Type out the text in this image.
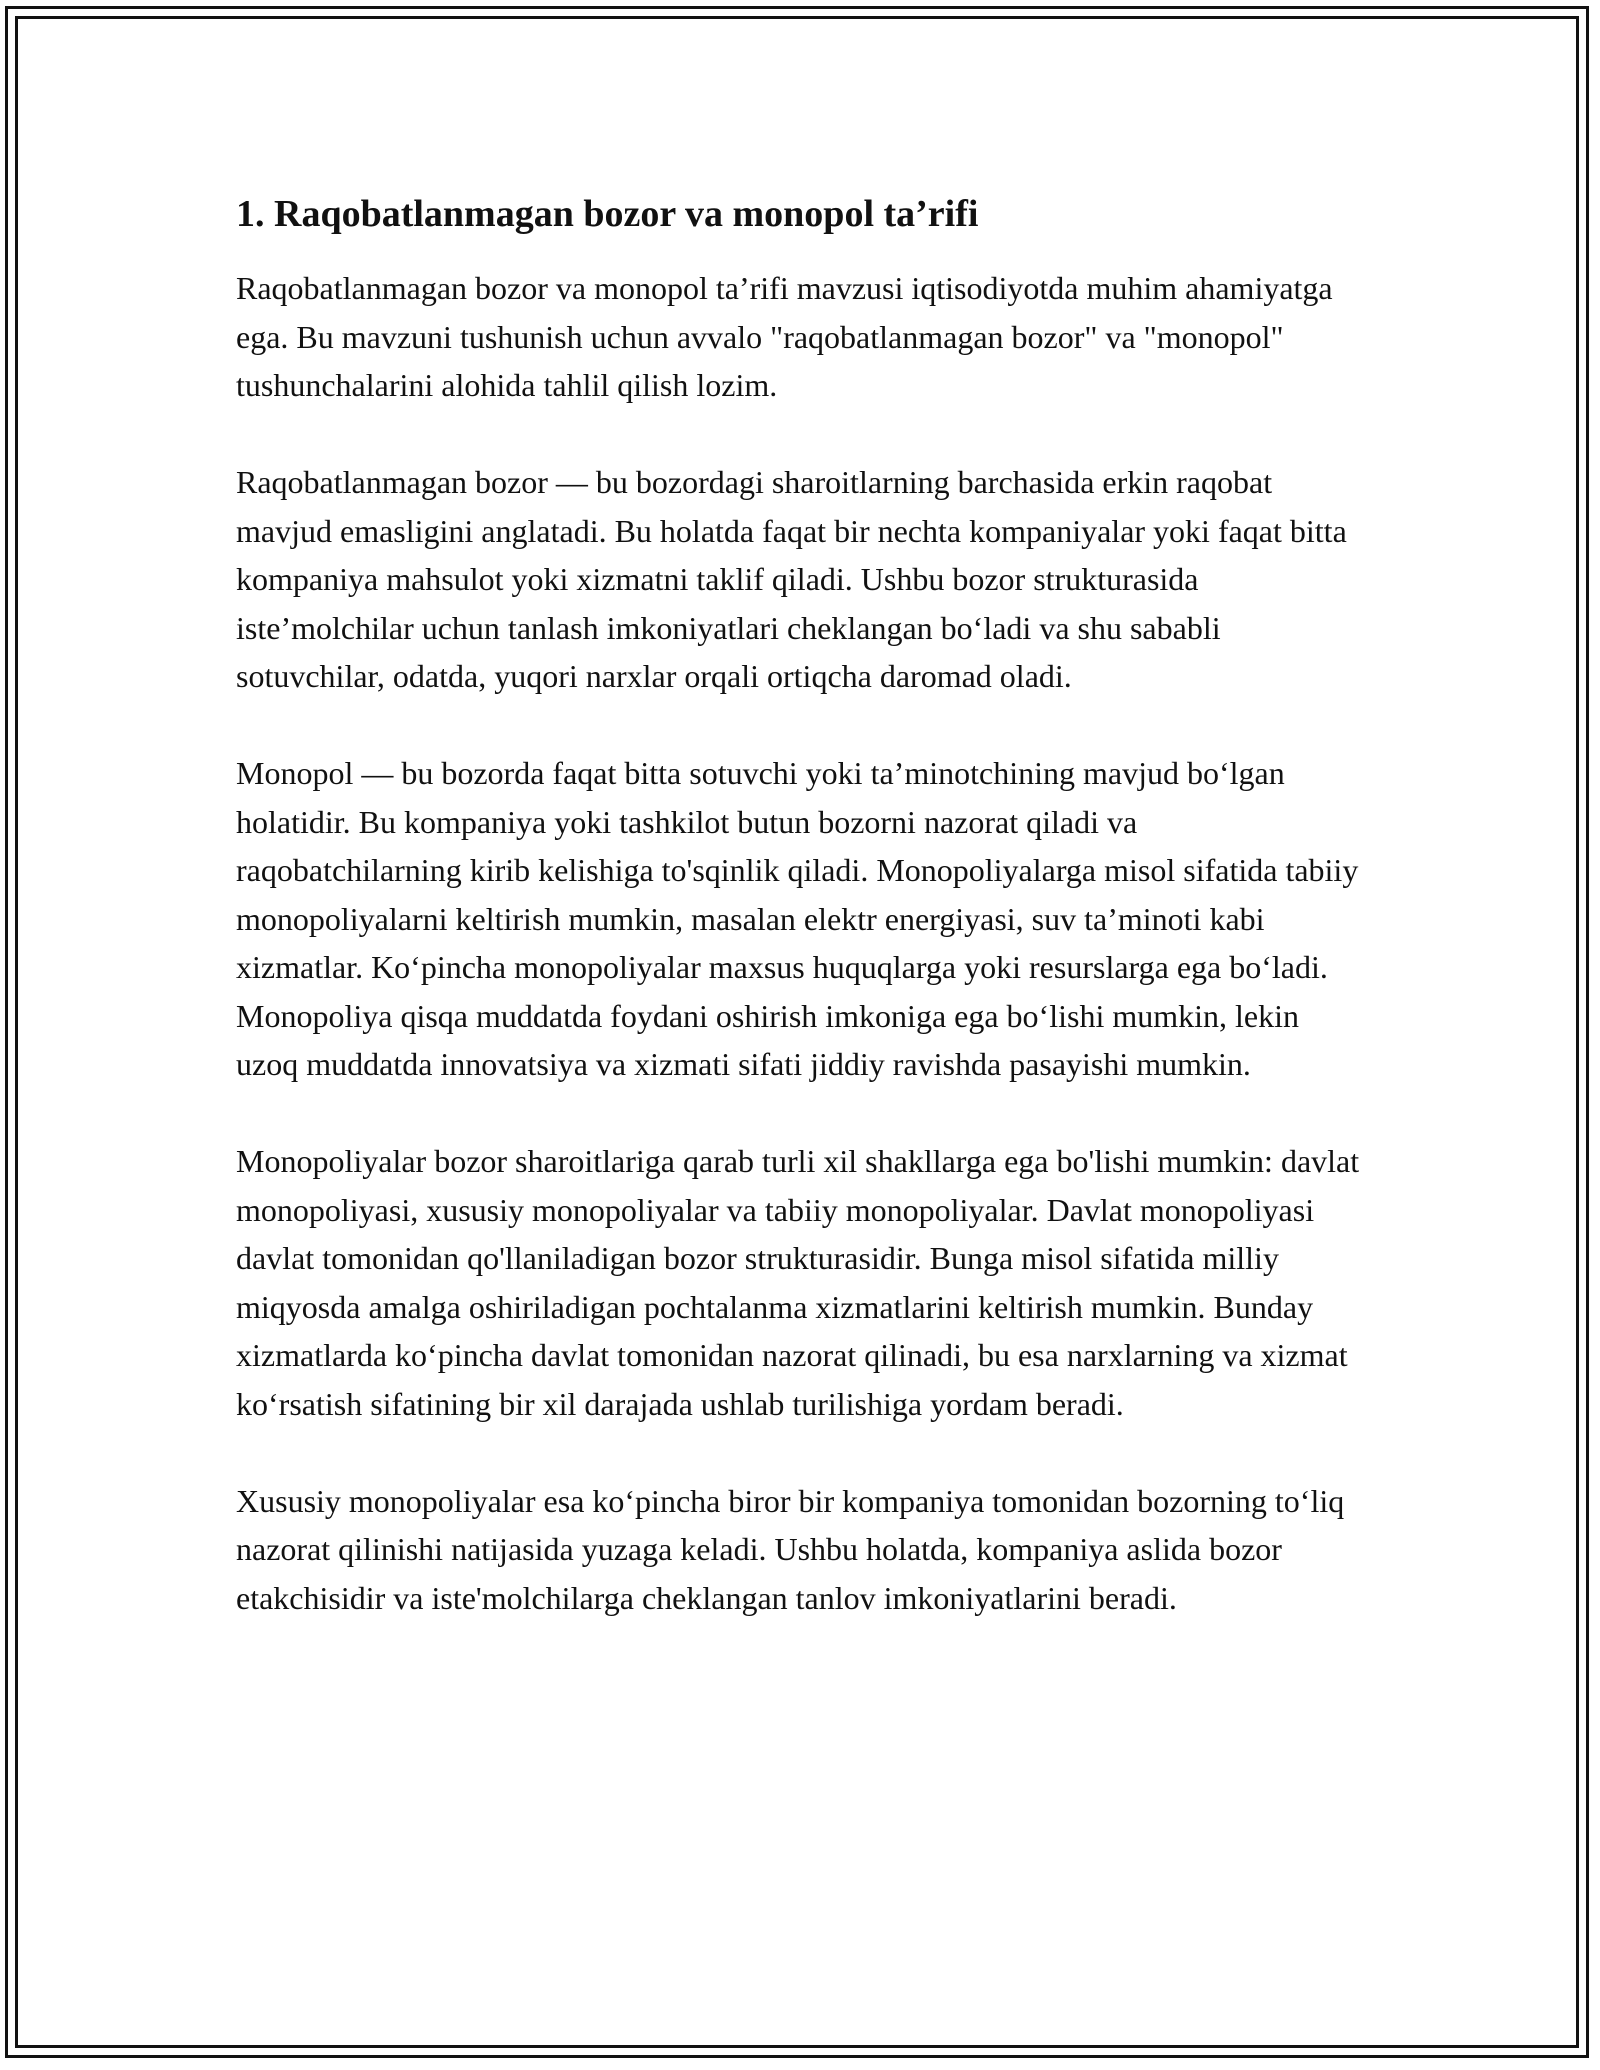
1. Raqobatlanmagan bozor va monopol ta’rifi

Raqobatlanmagan bozor va monopol ta’rifi mavzusi iqtisodiyotda muhim ahamiyatga ega. Bu mavzuni tushunish uchun avvalo "raqobatlanmagan bozor" va "monopol" tushunchalarini alohida tahlil qilish lozim.

Raqobatlanmagan bozor — bu bozordagi sharoitlarning barchasida erkin raqobat mavjud emasligini anglatadi. Bu holatda faqat bir nechta kompaniyalar yoki faqat bitta kompaniya mahsulot yoki xizmatni taklif qiladi. Ushbu bozor strukturasida iste’molchilar uchun tanlash imkoniyatlari cheklangan bo‘ladi va shu sababli sotuvchilar, odatda, yuqori narxlar orqali ortiqcha daromad oladi.

Monopol — bu bozorda faqat bitta sotuvchi yoki ta’minotchining mavjud bo‘lgan holatidir. Bu kompaniya yoki tashkilot butun bozorni nazorat qiladi va raqobatchilarning kirib kelishiga to'sqinlik qiladi. Monopoliyalarga misol sifatida tabiiy monopoliyalarni keltirish mumkin, masalan elektr energiyasi, suv ta’minoti kabi xizmatlar. Ko‘pincha monopoliyalar maxsus huquqlarga yoki resurslarga ega bo‘ladi. Monopoliya qisqa muddatda foydani oshirish imkoniga ega bo‘lishi mumkin, lekin uzoq muddatda innovatsiya va xizmati sifati jiddiy ravishda pasayishi mumkin.

Monopoliyalar bozor sharoitlariga qarab turli xil shakllarga ega bo'lishi mumkin: davlat monopoliyasi, xususiy monopoliyalar va tabiiy monopoliyalar. Davlat monopoliyasi davlat tomonidan qo'llaniladigan bozor strukturasidir. Bunga misol sifatida milliy miqyosda amalga oshiriladigan pochtalanma xizmatlarini keltirish mumkin. Bunday xizmatlarda ko‘pincha davlat tomonidan nazorat qilinadi, bu esa narxlarning va xizmat ko‘rsatish sifatining bir xil darajada ushlab turilishiga yordam beradi.

Xususiy monopoliyalar esa ko‘pincha biror bir kompaniya tomonidan bozorning to‘liq nazorat qilinishi natijasida yuzaga keladi. Ushbu holatda, kompaniya aslida bozor etakchisidir va iste'molchilarga cheklangan tanlov imkoniyatlarini beradi.
